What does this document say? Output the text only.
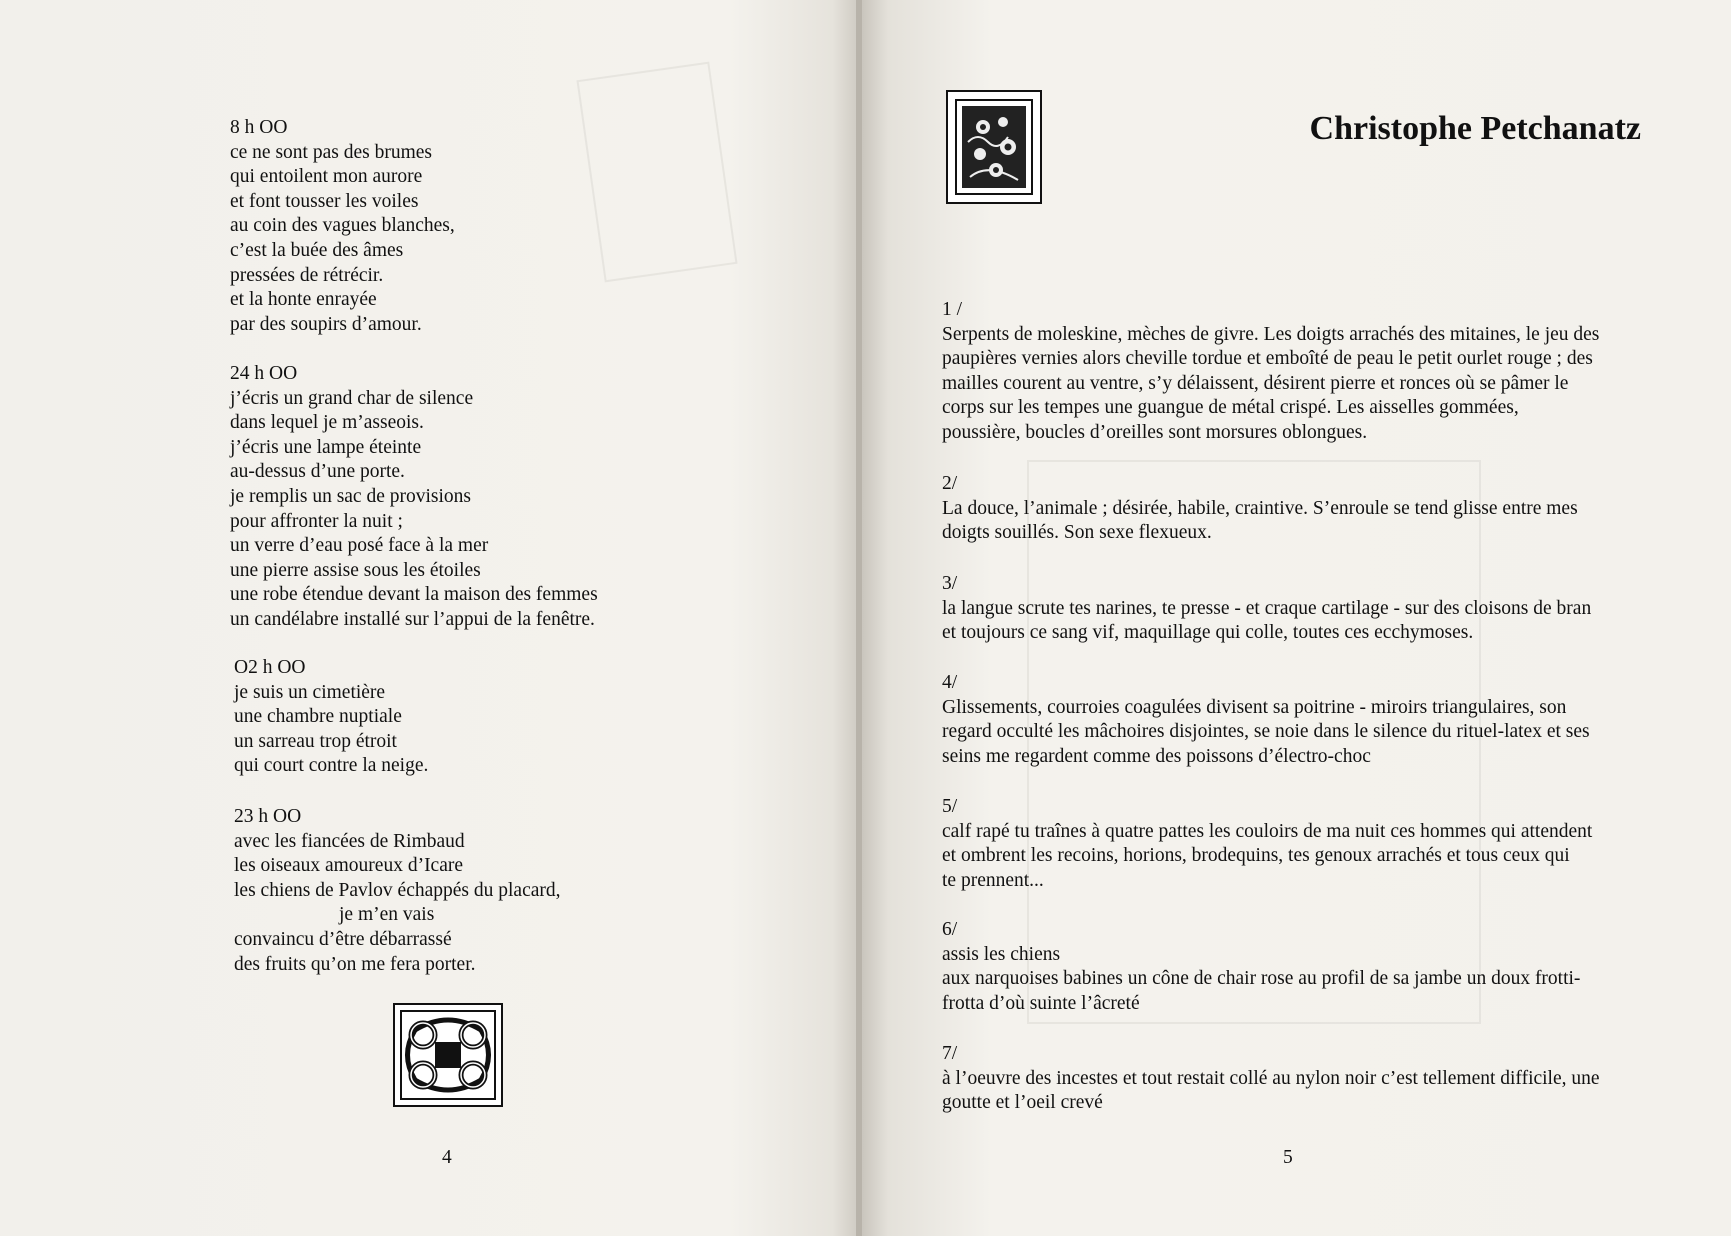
8 h OO
ce ne sont pas des brumes
qui entoilent mon aurore
et font tousser les voiles
au coin des vagues blanches,
c’est la buée des âmes
pressées de rétrécir.
et la honte enrayée
par des soupirs d’amour.
24 h OO
j’écris un grand char de silence
dans lequel je m’asseois.
j’écris une lampe éteinte
au-dessus d’une porte.
je remplis un sac de provisions
pour affronter la nuit ;
un verre d’eau posé face à la mer
une pierre assise sous les étoiles
une robe étendue devant la maison des femmes
un candélabre installé sur l’appui de la fenêtre.
O2 h OO
je suis un cimetière
une chambre nuptiale
un sarreau trop étroit
qui court contre la neige.
23 h OO
avec les fiancées de Rimbaud
les oiseaux amoureux d’Icare
les chiens de Pavlov échappés du placard,
je m’en vais
convaincu d’être débarrassé
des fruits qu’on me fera porter.
4
Christophe Petchanatz
1 /
Serpents de moleskine, mèches de givre. Les doigts arrachés des mitaines, le jeu des
paupières vernies alors cheville tordue et emboîté de peau le petit ourlet rouge ; des
mailles courent au ventre, s’y délaissent, désirent pierre et ronces où se pâmer le
corps sur les tempes une guangue de métal crispé. Les aisselles gommées,
poussière, boucles d’oreilles sont morsures oblongues.
2/
La douce, l’animale ; désirée, habile, craintive. S’enroule se tend glisse entre mes
doigts souillés. Son sexe flexueux.
3/
la langue scrute tes narines, te presse - et craque cartilage - sur des cloisons de bran
et toujours ce sang vif, maquillage qui colle, toutes ces ecchymoses.
4/
Glissements, courroies coagulées divisent sa poitrine - miroirs triangulaires, son
regard occulté les mâchoires disjointes, se noie dans le silence du rituel-latex et ses
seins me regardent comme des poissons d’électro-choc
5/
calf rapé tu traînes à quatre pattes les couloirs de ma nuit ces hommes qui attendent
et ombrent les recoins, horions, brodequins, tes genoux arrachés et tous ceux qui
te prennent...
6/
assis les chiens
aux narquoises babines un cône de chair rose au profil de sa jambe un doux frotti-
frotta d’où suinte l’âcreté
7/
à l’oeuvre des incestes et tout restait collé au nylon noir c’est tellement difficile, une
goutte et l’oeil crevé
5
